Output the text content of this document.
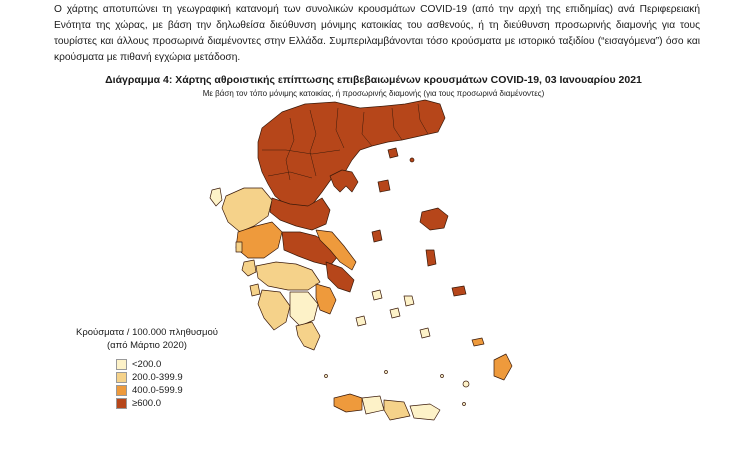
Ο χάρτης αποτυπώνει τη γεωγραφική κατανομή των συνολικών κρουσμάτων COVID-19 (από την αρχή της επιδημίας) ανά Περιφερειακή Ενότητα της χώρας, με βάση την δηλωθείσα διεύθυνση μόνιμης κατοικίας του ασθενούς, ή τη διεύθυνση προσωρινής διαμονής για τους τουρίστες και άλλους προσωρινά διαμένοντες στην Ελλάδα. Συμπεριλαμβάνονται τόσο κρούσματα με ιστορικό ταξιδίου (“εισαγόμενα”) όσο και κρούσματα με πιθανή εγχώρια μετάδοση.

Διάγραμμα 4: Χάρτης αθροιστικής επίπτωσης επιβεβαιωμένων κρουσμάτων COVID-19, 03 Ιανουαρίου 2021
Με βάση τον τόπο μόνιμης κατοικίας, ή προσωρινής διαμονής (για τους προσωρινά διαμένοντες)
Κρούσματα / 100.000 πληθυσμού
(από Μάρτιο 2020)
<200.0
200.0-399.9
400.0-599.9
≥600.0
